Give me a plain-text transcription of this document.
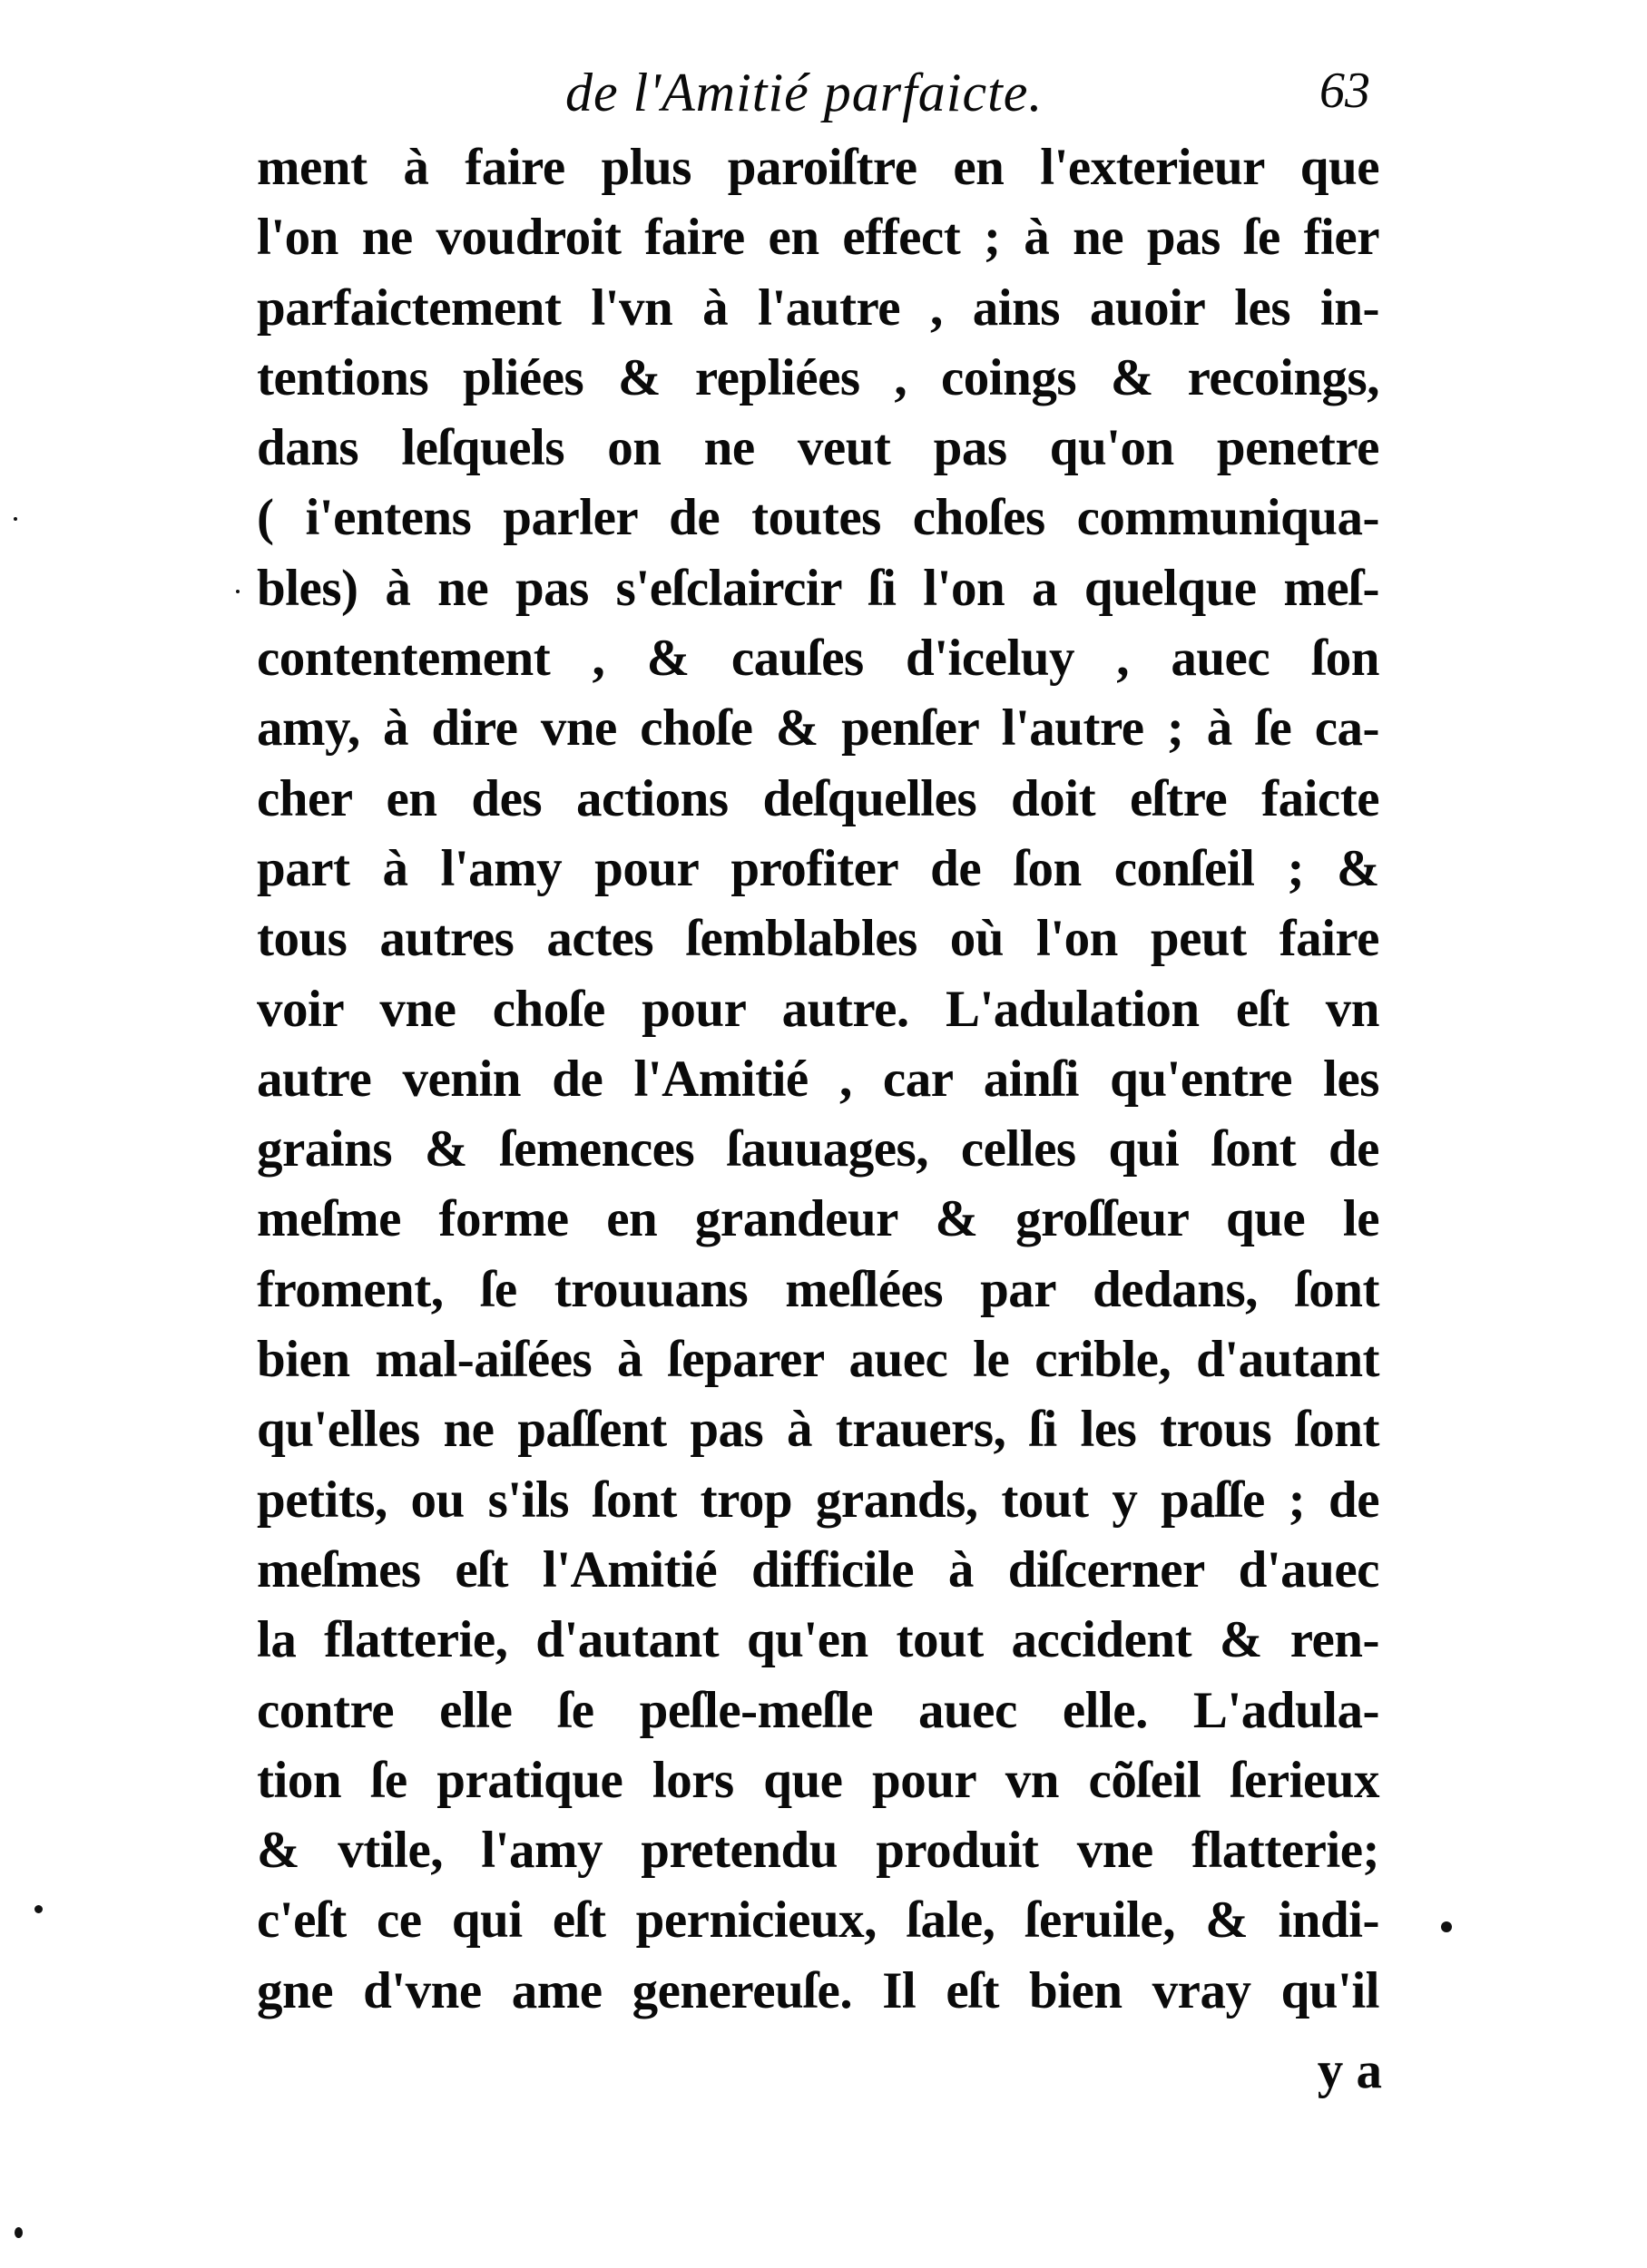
de l'Amitié parfaicte.	63
ment à faire plus paroiſtre en l'exterieur que
l'on ne voudroit faire en effect ; à ne pas ſe fier
parfaictement l'vn à l'autre , ains auoir les in-
tentions pliées & repliées , coings & recoings,
dans leſquels on ne veut pas qu'on penetre
( i'entens parler de toutes choſes communiqua-
bles) à ne pas s'eſclaircir ſi l'on a quelque meſ-
contentement , & cauſes d'iceluy , auec ſon
amy, à dire vne choſe & penſer l'autre ; à ſe ca-
cher en des actions deſquelles doit eſtre faicte
part à l'amy pour profiter de ſon conſeil ; &
tous autres actes ſemblables où l'on peut faire
voir vne choſe pour autre. L'adulation eſt vn
autre venin de l'Amitié , car ainſi qu'entre les
grains & ſemences ſauuages, celles qui ſont de
meſme forme en grandeur & groſſeur que le
froment, ſe trouuans meſlées par dedans, ſont
bien mal-aiſées à ſeparer auec le crible, d'autant
qu'elles ne paſſent pas à trauers, ſi les trous ſont
petits, ou s'ils ſont trop grands, tout y paſſe ; de
meſmes eſt l'Amitié difficile à diſcerner d'auec
la flatterie, d'autant qu'en tout accident & ren-
contre elle ſe peſle-meſle auec elle. L'adula-
tion ſe pratique lors que pour vn cõſeil ſerieux
& vtile, l'amy pretendu produit vne flatterie;
c'eſt ce qui eſt pernicieux, ſale, ſeruile, & indi-
gne d'vne ame genereuſe. Il eſt bien vray qu'il
y a
